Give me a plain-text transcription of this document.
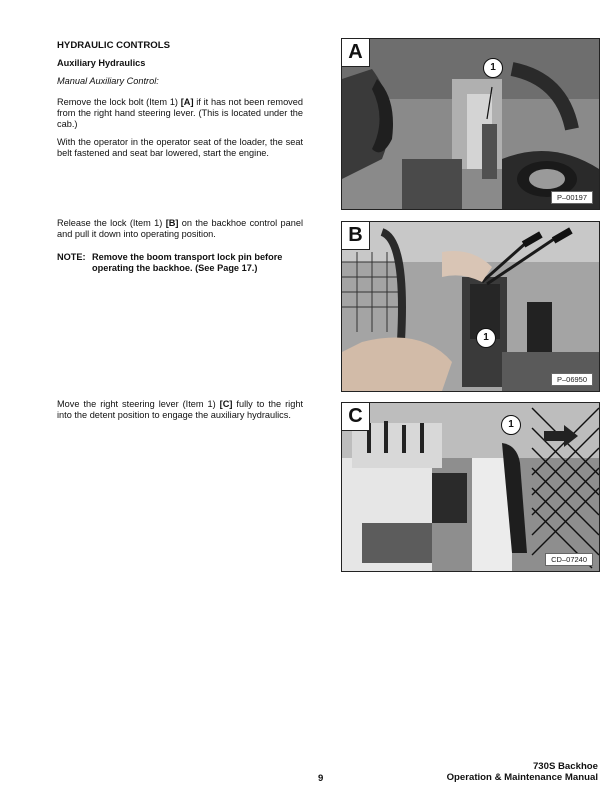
HYDRAULIC CONTROLS
Auxiliary Hydraulics
Manual Auxiliary Control:
Remove the lock bolt (Item 1) [A] if it has not been removed from the right hand steering lever. (This is located under the cab.)
With the operator in the operator seat of the loader, the seat belt fastened and seat bar lowered, start the engine.
Release the lock (Item 1) [B] on the backhoe control panel and pull it down into operating position.
NOTE: Remove the boom transport lock pin before operating the backhoe. (See Page 17.)
Move the right steering lever (Item 1) [C] fully to the right into the detent position to engage the auxiliary hydraulics.
A
1
P–00197
B
1
P–06950
C	1
CD–07240
9
730S Backhoe
Operation & Maintenance Manual
